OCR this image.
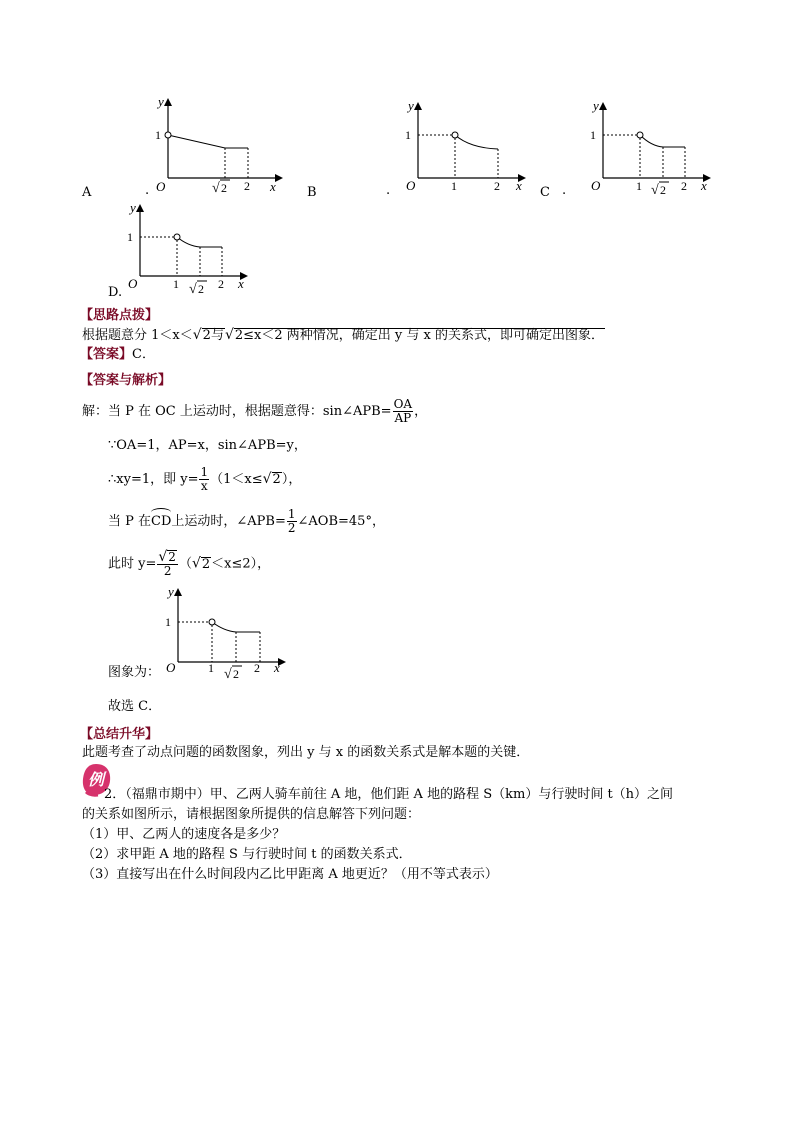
y
x
O
1
√ 2 2
A	.
y
x
O
1
1	2
B	.
y
x
O
1
1 √ 2 2
C .
y
x
O
1
1 √ 2 2
D.
【思路点拨】
根据题意分 1＜x＜√2与√2≤x＜2 两种情况，确定出 y 与 x 的关系式，即可确定出图象．
【答案】C．
【答案与解析】
解：当 P 在 OC 上运动时，根据题意得：sin∠APB= $\frac{OA}{AP}$ ，
∵OA=1，AP=x，sin∠APB=y，
∴xy=1，即 $y= \frac{1}{x} (1<x\le√2)$，
当 P 在CD上运动时，∠APB= $\frac{1}{2}$ ∠AOB=45°，
此时 $y= \frac{√2}{2} (√2<x\le 2)$，
y
x
O
1
1 √ 2 2
图象为：
故选 C．
【总结升华】
此题考查了动点问题的函数图象，列出 y 与 x 的函数关系式是解本题的关键．
例
2．（福鼎市期中）甲、乙两人骑车前往 A 地，他们距 A 地的路程 S（km）与行驶时间 t（h）之间
的关系如图所示，请根据图象所提供的信息解答下列问题：
（1）甲、乙两人的速度各是多少？
（2）求甲距 A 地的路程 S 与行驶时间 t 的函数关系式．
（3）直接写出在什么时间段内乙比甲距离 A 地更近？（用不等式表示）
